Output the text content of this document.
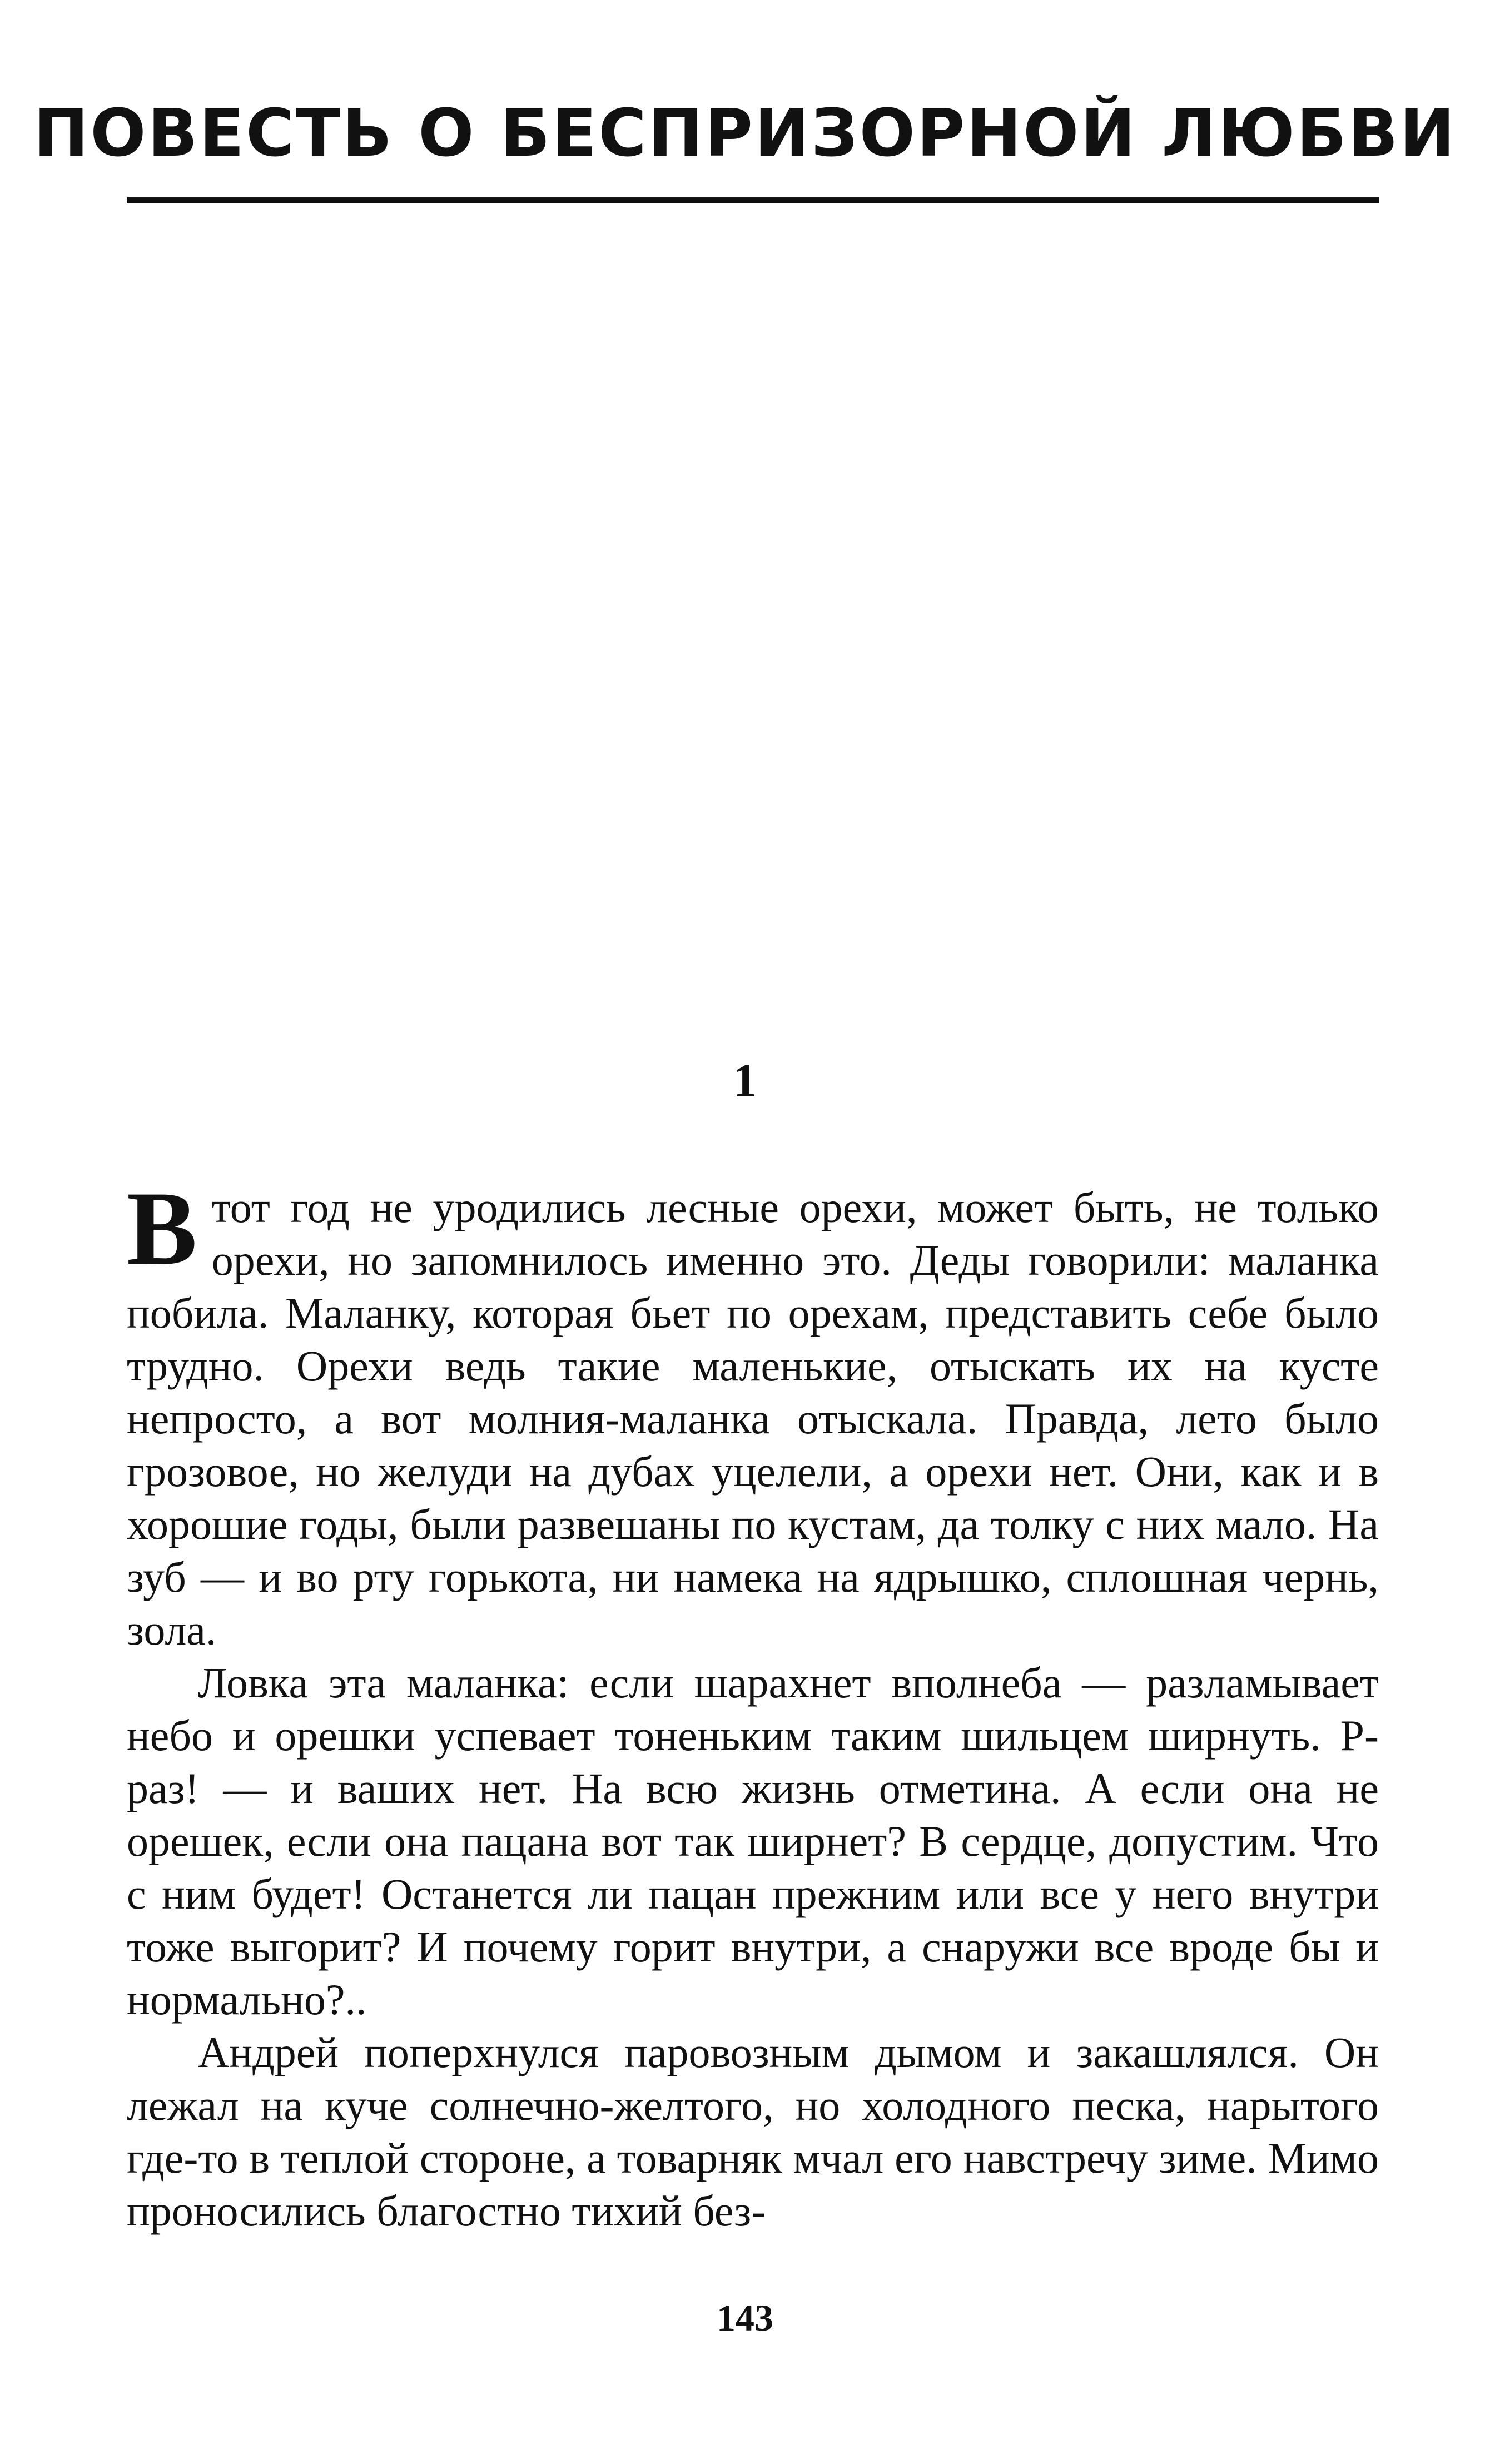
ПОВЕСТЬ О БЕСПРИЗОРНОЙ ЛЮБВИ
1

Втот год не уродились лесные орехи, может быть, не только орехи, но запомнилось именно это. Деды говорили: маланка побила. Маланку, которая бьет по орехам, представить себе было трудно. Орехи ведь такие маленькие, отыскать их на кусте непросто, а вот молния-маланка отыскала. Правда, лето было грозовое, но желуди на дубах уцелели, а орехи нет. Они, как и в хорошие годы, были развешаны по кустам, да толку с них мало. На зуб — и во рту горькота, ни намека на ядрышко, сплошная чернь, зола.

Ловка эта маланка: если шарахнет вполнеба — разламывает небо и орешки успевает тоненьким таким шильцем ширнуть. Р-раз! — и ваших нет. На всю жизнь отметина. А если она не орешек, если она пацана вот так ширнет? В сердце, допустим. Что с ним будет! Останется ли пацан прежним или все у него внутри тоже выгорит? И почему горит внутри, а снаружи все вроде бы и нормально?..

Андрей поперхнулся паровозным дымом и закашлялся. Он лежал на куче солнечно-желтого, но холодного песка, нарытого где-то в теплой стороне, а товарняк мчал его навстречу зиме. Мимо проносились благостно тихий без-

143
